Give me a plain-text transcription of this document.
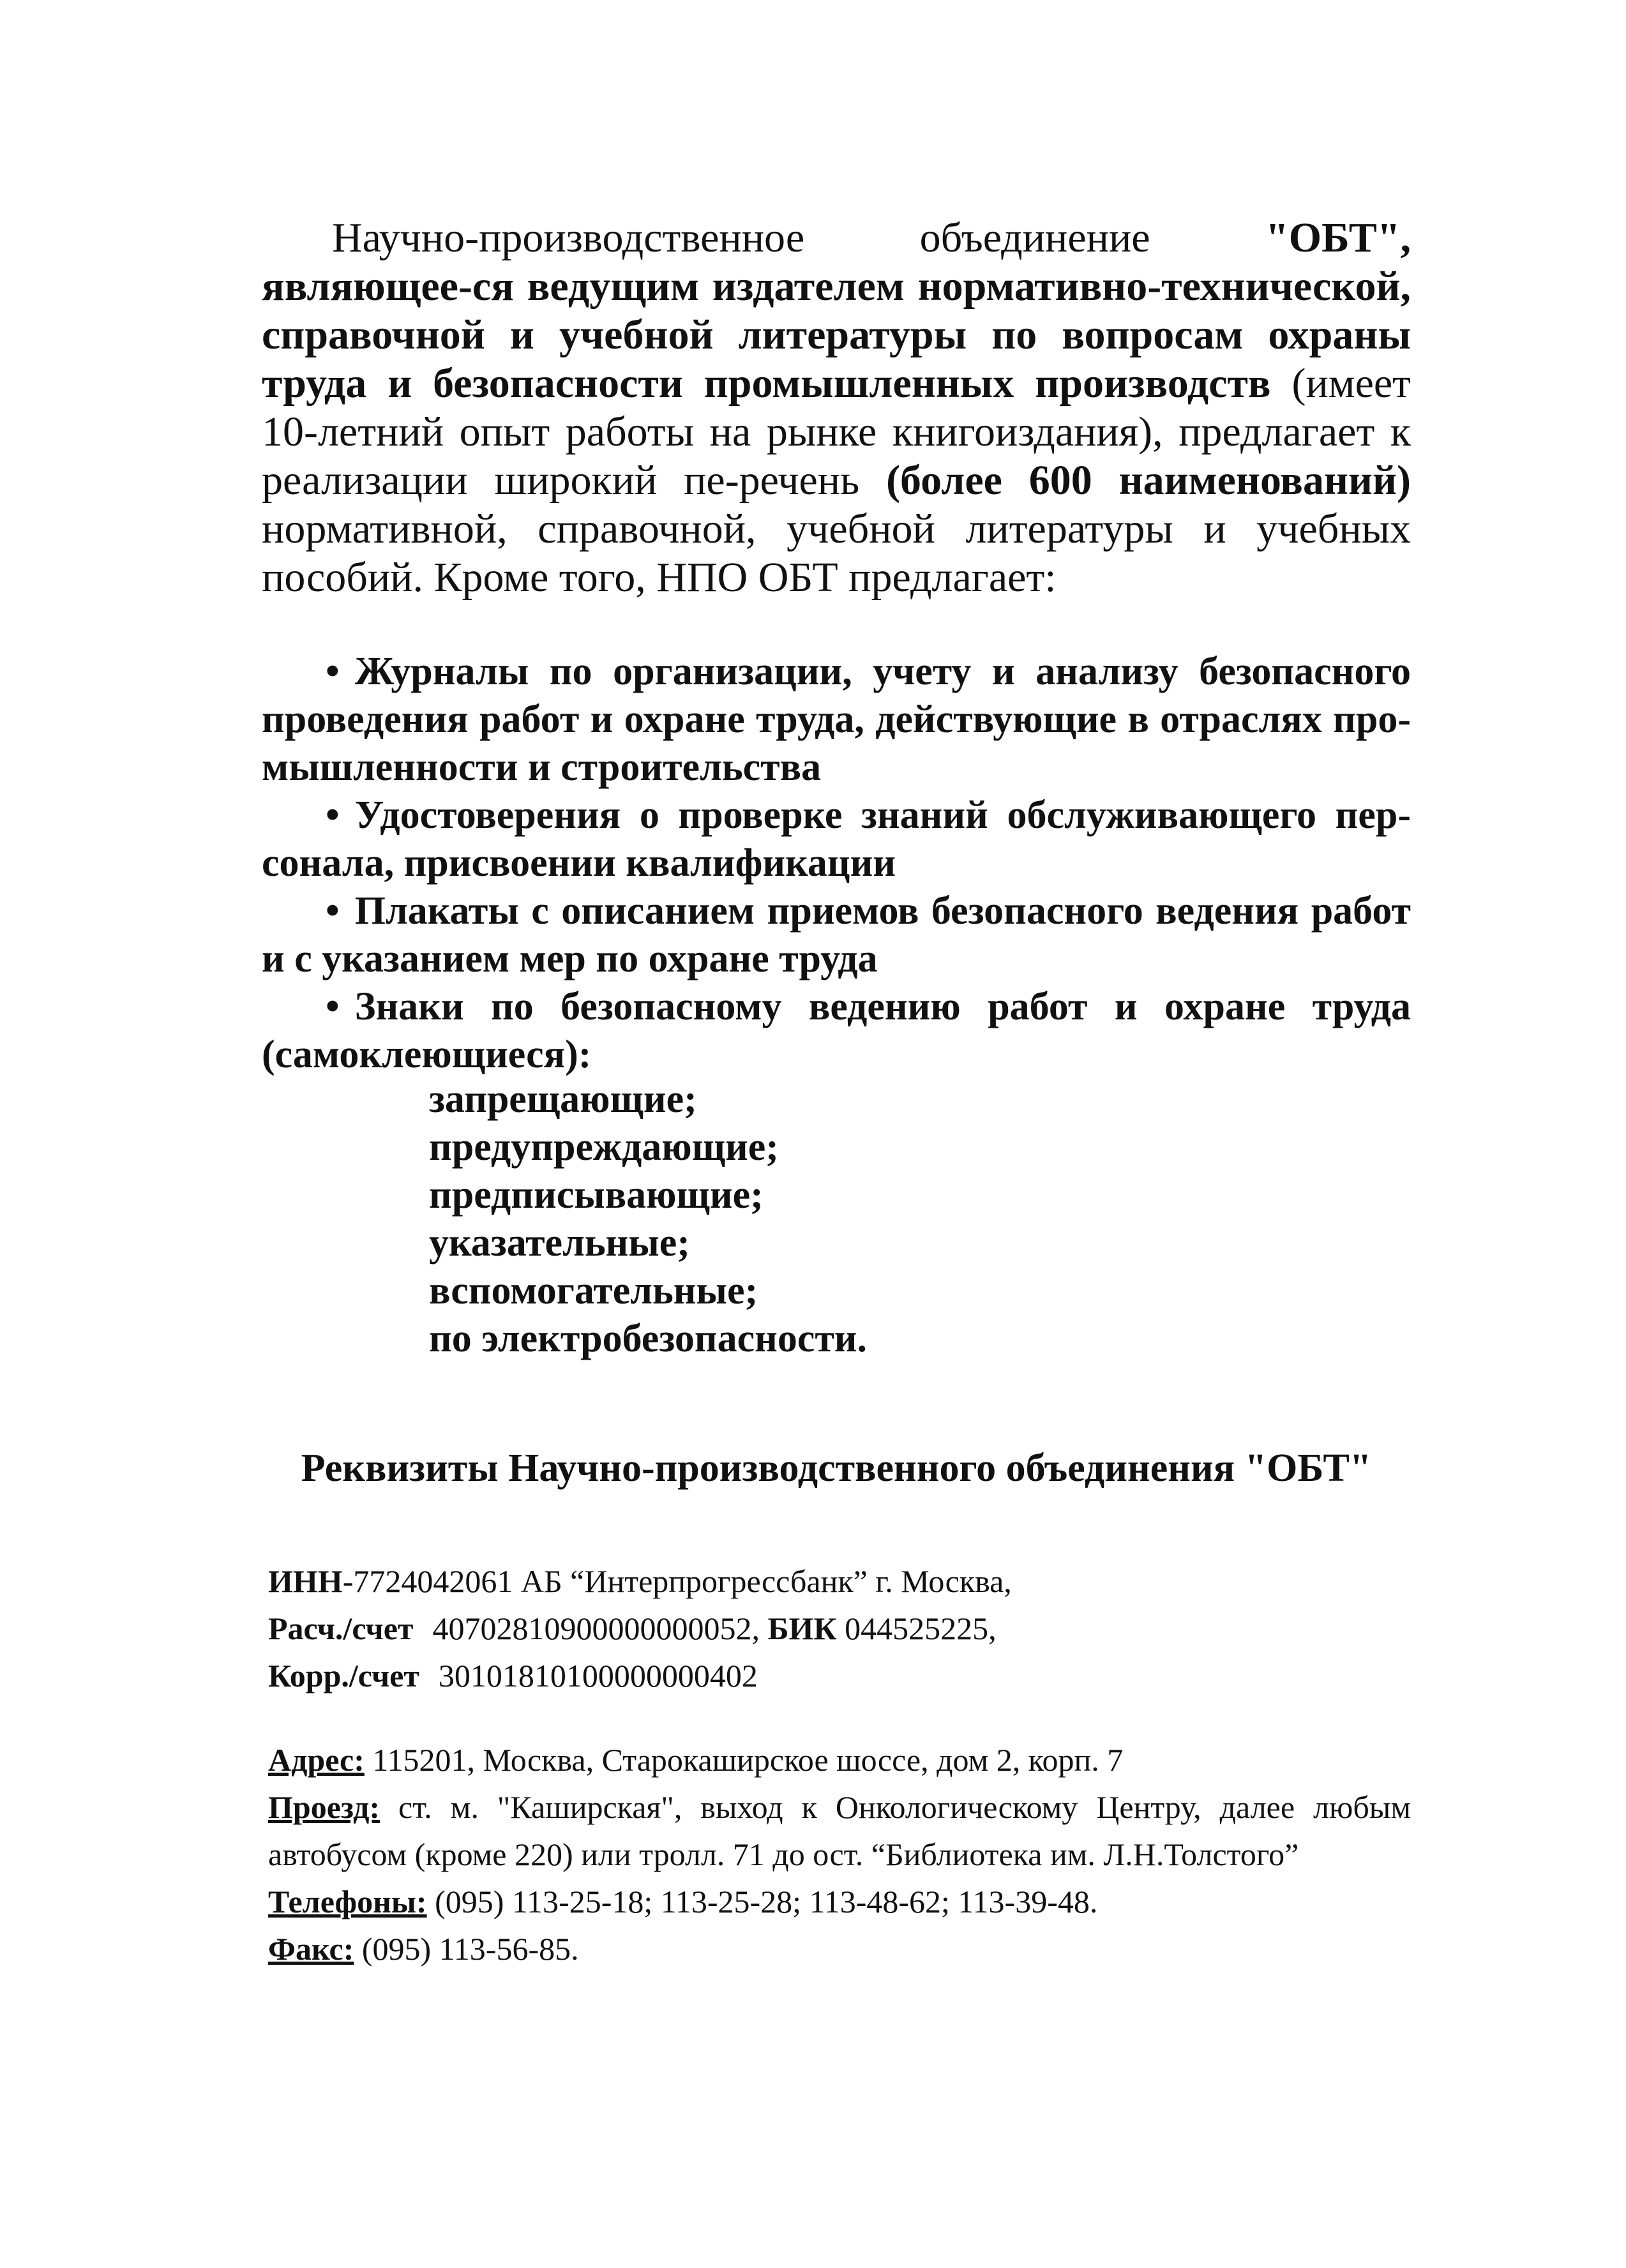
Научно-производственное объединение "ОБТ", являющее-ся ведущим издателем нормативно-технической, справочной и учебной литературы по вопросам охраны труда и безопасности промышленных производств (имеет 10-летний опыт работы на рынке книгоиздания), предлагает к реализации широкий пе-речень (более 600 наименований) нормативной, справочной, учебной литературы и учебных пособий. Кроме того, НПО ОБТ предлагает:

• Журналы по организации, учету и анализу безопасного проведения работ и охране труда, действующие в отраслях про-мышленности и строительства
• Удостоверения о проверке знаний обслуживающего пер-сонала, присвоении квалификации
• Плакаты с описанием приемов безопасного ведения работ и с указанием мер по охране труда
• Знаки по безопасному ведению работ и охране труда (самоклеющиеся):
запрещающие;
предупреждающие;
предписывающие;
указательные;
вспомогательные;
по электробезопасности.
Реквизиты Научно-производственного объединения "ОБТ"
ИНН-7724042061 АБ “Интерпрогрессбанк” г. Москва,
Расч./счет 40702810900000000052, БИК 044525225,
Корр./счет 30101810100000000402
Адрес: 115201, Москва, Старокаширское шоссе, дом 2, корп. 7
Проезд: ст. м. "Каширская", выход к Онкологическому Центру, далее любым автобусом (кроме 220) или тролл. 71 до ост. “Библиотека им. Л.Н.Толстого”
Телефоны: (095) 113-25-18; 113-25-28; 113-48-62; 113-39-48.
Факс: (095) 113-56-85.
